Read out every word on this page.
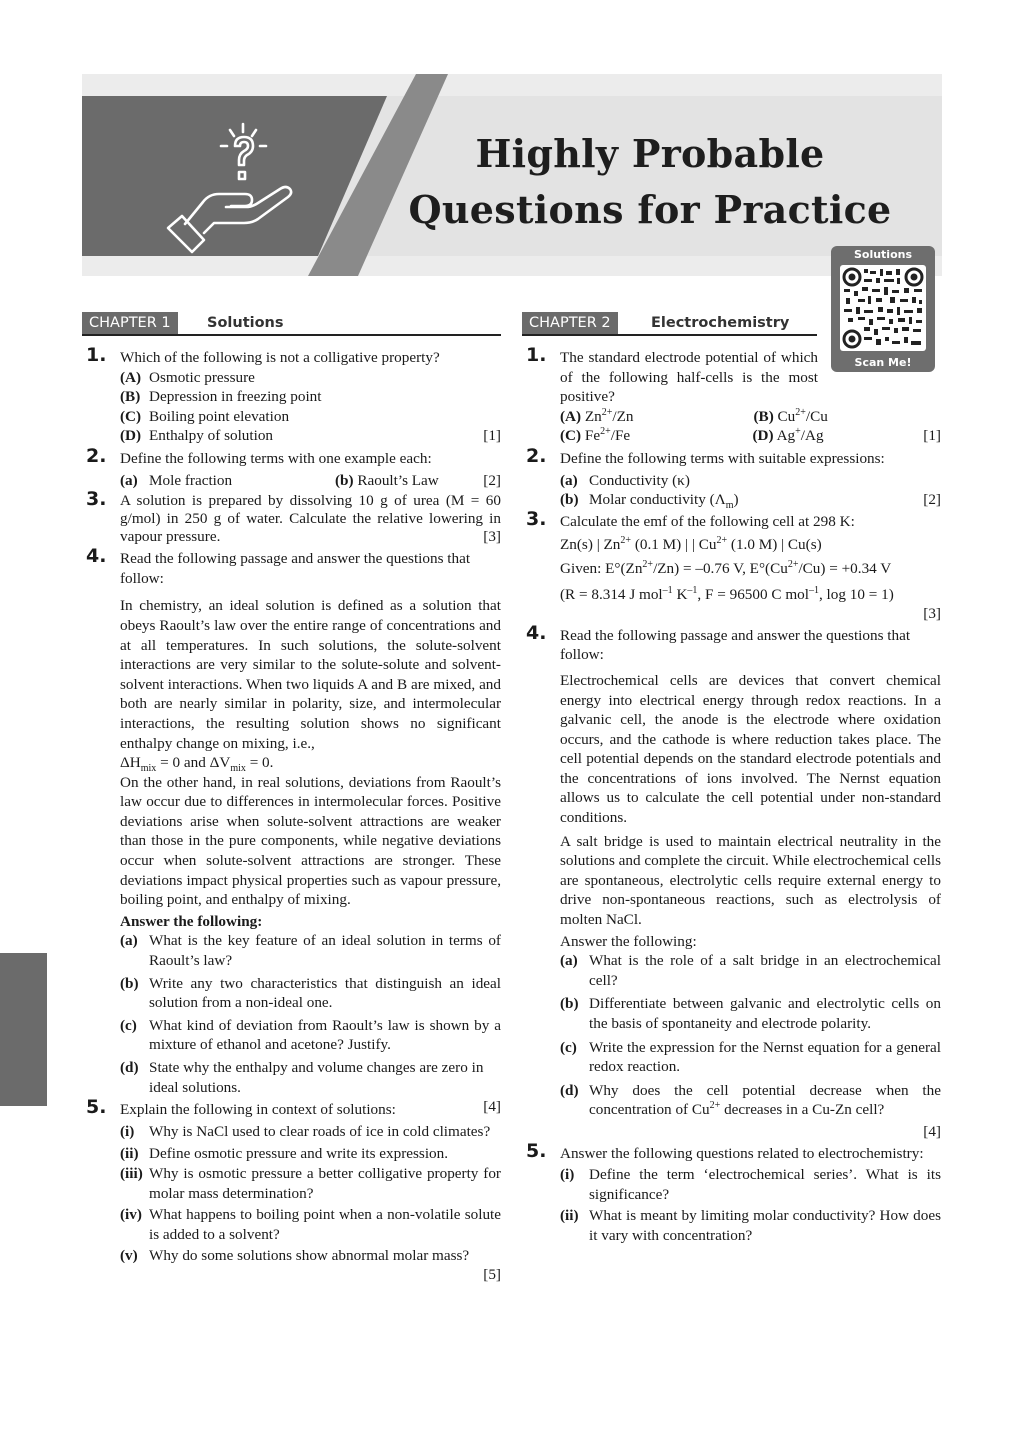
Highly Probable
Questions for Practice
Solutions
Scan Me!
CHAPTER 1	Solutions	CHAPTER 2	Electrochemistry
1. Which of the following is not a colligative property?
(A) Osmotic pressure
(B) Depression in freezing point
(C) Boiling point elevation
(D) Enthalpy of solution	[1]
2. Define the following terms with one example each:
(a) Mole fraction	(b) Raoult’s Law	[2]
3. A solution is prepared by dissolving 10 g of urea (M = 60 g/mol) in 250 g of water. Calculate the relative lowering in vapour pressure.	[3]
4. Read the following passage and answer the questions that follow:
In chemistry, an ideal solution is defined as a solution that obeys Raoult’s law over the entire range of concentrations and at all temperatures. In such solutions, the solute-solvent interactions are very similar to the solute-solute and solvent-solvent interactions. When two liquids A and B are mixed, and both are nearly similar in polarity, size, and intermolecular interactions, the resulting solution shows no significant enthalpy change on mixing, i.e.,
$\Delta H_{mix} = 0$ and $\Delta V_{mix} = 0$.
On the other hand, in real solutions, deviations from Raoult’s law occur due to differences in intermolecular forces. Positive deviations arise when solute-solvent attractions are weaker than those in the pure components, while negative deviations occur when solute-solvent attractions are stronger. These deviations impact physical properties such as vapour pressure, boiling point, and enthalpy of mixing.
Answer the following:
(a) What is the key feature of an ideal solution in terms of Raoult’s law?
(b) Write any two characteristics that distinguish an ideal solution from a non-ideal one.
(c) What kind of deviation from Raoult’s law is shown by a mixture of ethanol and acetone? Justify.
(d) State why the enthalpy and volume changes are zero in ideal solutions.
[4]
5. Explain the following in context of solutions:
(i) Why is NaCl used to clear roads of ice in cold climates?
(ii) Define osmotic pressure and write its expression.
(iii) Why is osmotic pressure a better colligative property for molar mass determination?
(iv) What happens to boiling point when a non-volatile solute is added to a solvent?
(v) Why do some solutions show abnormal molar mass?
[5]
1. The standard electrode potential of which of the following half-cells is the most positive?
(A) $Zn^{2+}/Zn$	(B) $Cu^{2+}/Cu$
(C) $Fe^{2+}/Fe$	(D) Ag+/Ag	[1]
2. Define the following terms with suitable expressions:
(a) Conductivity (κ)
(b) Molar conductivity $(\Lambda_m)$	[2]
3. Calculate the emf of the following cell at 298 K:
Zn(s) | $Zn^{2+}$ (0.1 M) | | $Cu^{2+}$ (1.0 M) | Cu(s)
Given: $E^\circ(Zn^{2+}/Zn) = -0.76$ V, $E^\circ(Cu^{2+}/Cu) = +0.34$ V
(R = 8.314 J mol$^{-1}$ $K^{-1}$, F = 96500 C mol$^{-1}$, log 10 = 1)
[3]
4. Read the following passage and answer the questions that follow:
Electrochemical cells are devices that convert chemical energy into electrical energy through redox reactions. In a galvanic cell, the anode is the electrode where oxidation occurs, and the cathode is where reduction takes place. The cell potential depends on the standard electrode potentials and the concentrations of ions involved. The Nernst equation allows us to calculate the cell potential under non-standard conditions.
A salt bridge is used to maintain electrical neutrality in the solutions and complete the circuit. While electrochemical cells are spontaneous, electrolytic cells require external energy to drive non-spontaneous reactions, such as electrolysis of molten NaCl.
Answer the following:
(a) What is the role of a salt bridge in an electrochemical cell?
(b) Differentiate between galvanic and electrolytic cells on the basis of spontaneity and electrode polarity.
(c) Write the expression for the Nernst equation for a general redox reaction.
(d) Why does the cell potential decrease when the concentration of $Cu^{2+}$ decreases in a Cu-Zn cell?
[4]
5. Answer the following questions related to electrochemistry:
(i) Define the term ‘electrochemical series’. What is its significance?
(ii) What is meant by limiting molar conductivity? How does it vary with concentration?
